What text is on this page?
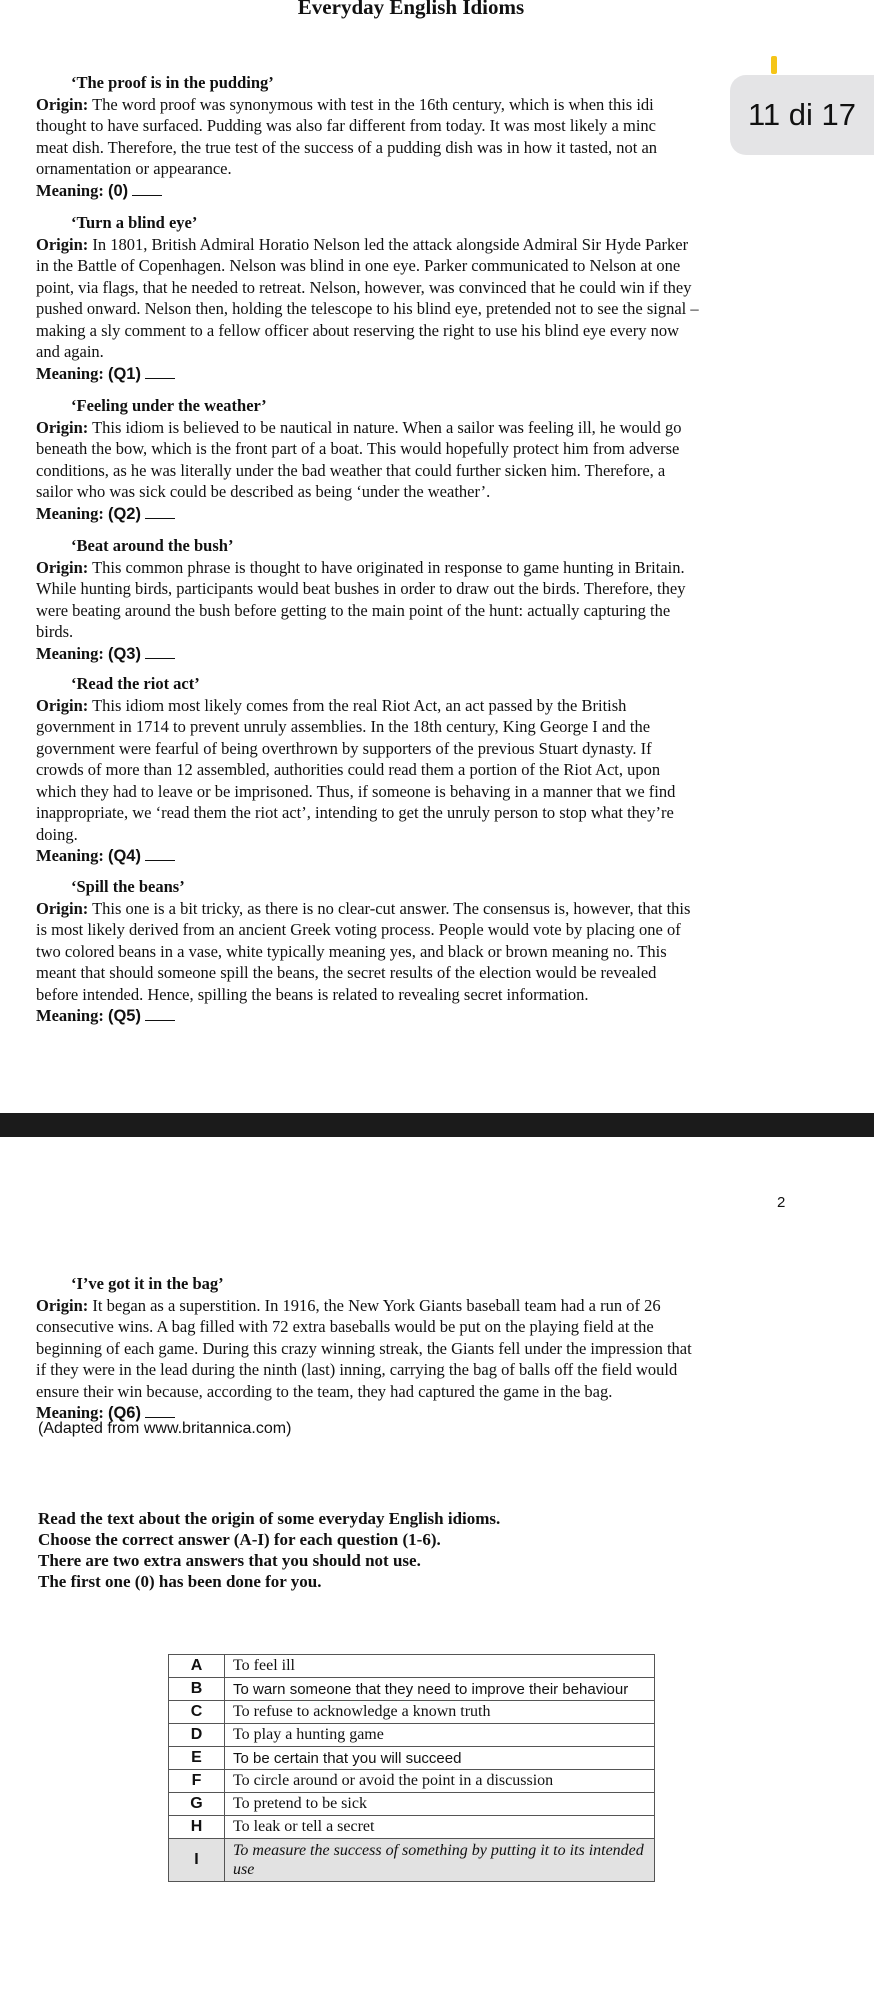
Everyday English Idioms
11 di 17

‘The proof is in the pudding’

Origin: The word proof was synonymous with test in the 16th century, which is when this idi
thought to have surfaced. Pudding was also far different from today. It was most likely a minc
meat dish. Therefore, the true test of the success of a pudding dish was in how it tasted, not an
ornamentation or appearance.

Meaning: (0)

‘Turn a blind eye’

Origin: In 1801, British Admiral Horatio Nelson led the attack alongside Admiral Sir Hyde Parker
in the Battle of Copenhagen. Nelson was blind in one eye. Parker communicated to Nelson at one
point, via flags, that he needed to retreat. Nelson, however, was convinced that he could win if they
pushed onward. Nelson then, holding the telescope to his blind eye, pretended not to see the signal –
making a sly comment to a fellow officer about reserving the right to use his blind eye every now
and again.

Meaning: (Q1)

‘Feeling under the weather’

Origin: This idiom is believed to be nautical in nature. When a sailor was feeling ill, he would go
beneath the bow, which is the front part of a boat. This would hopefully protect him from adverse
conditions, as he was literally under the bad weather that could further sicken him. Therefore, a
sailor who was sick could be described as being ‘under the weather’.

Meaning: (Q2)

‘Beat around the bush’

Origin: This common phrase is thought to have originated in response to game hunting in Britain.
While hunting birds, participants would beat bushes in order to draw out the birds. Therefore, they
were beating around the bush before getting to the main point of the hunt: actually capturing the
birds.

Meaning: (Q3)

‘Read the riot act’

Origin: This idiom most likely comes from the real Riot Act, an act passed by the British
government in 1714 to prevent unruly assemblies. In the 18th century, King George I and the
government were fearful of being overthrown by supporters of the previous Stuart dynasty. If
crowds of more than 12 assembled, authorities could read them a portion of the Riot Act, upon
which they had to leave or be imprisoned. Thus, if someone is behaving in a manner that we find
inappropriate, we ‘read them the riot act’, intending to get the unruly person to stop what they’re
doing.

Meaning: (Q4)

‘Spill the beans’

Origin: This one is a bit tricky, as there is no clear-cut answer. The consensus is, however, that this
is most likely derived from an ancient Greek voting process. People would vote by placing one of
two colored beans in a vase, white typically meaning yes, and black or brown meaning no. This
meant that should someone spill the beans, the secret results of the election would be revealed
before intended. Hence, spilling the beans is related to revealing secret information.

Meaning: (Q5)

2

‘I’ve got it in the bag’

Origin: It began as a superstition. In 1916, the New York Giants baseball team had a run of 26
consecutive wins. A bag filled with 72 extra baseballs would be put on the playing field at the
beginning of each game. During this crazy winning streak, the Giants fell under the impression that
if they were in the lead during the ninth (last) inning, carrying the bag of balls off the field would
ensure their win because, according to the team, they had captured the game in the bag.

Meaning: (Q6)

(Adapted from www.britannica.com)

Read the text about the origin of some everyday English idioms.

Choose the correct answer (A-I) for each question (1-6).

There are two extra answers that you should not use.

The first one (0) has been done for you.

A	To feel ill
B	To warn someone that they need to improve their behaviour
C	To refuse to acknowledge a known truth
D	To play a hunting game
E	To be certain that you will succeed
F	To circle around or avoid the point in a discussion
G	To pretend to be sick
H	To leak or tell a secret
I	To measure the success of something by putting it to its intended use
